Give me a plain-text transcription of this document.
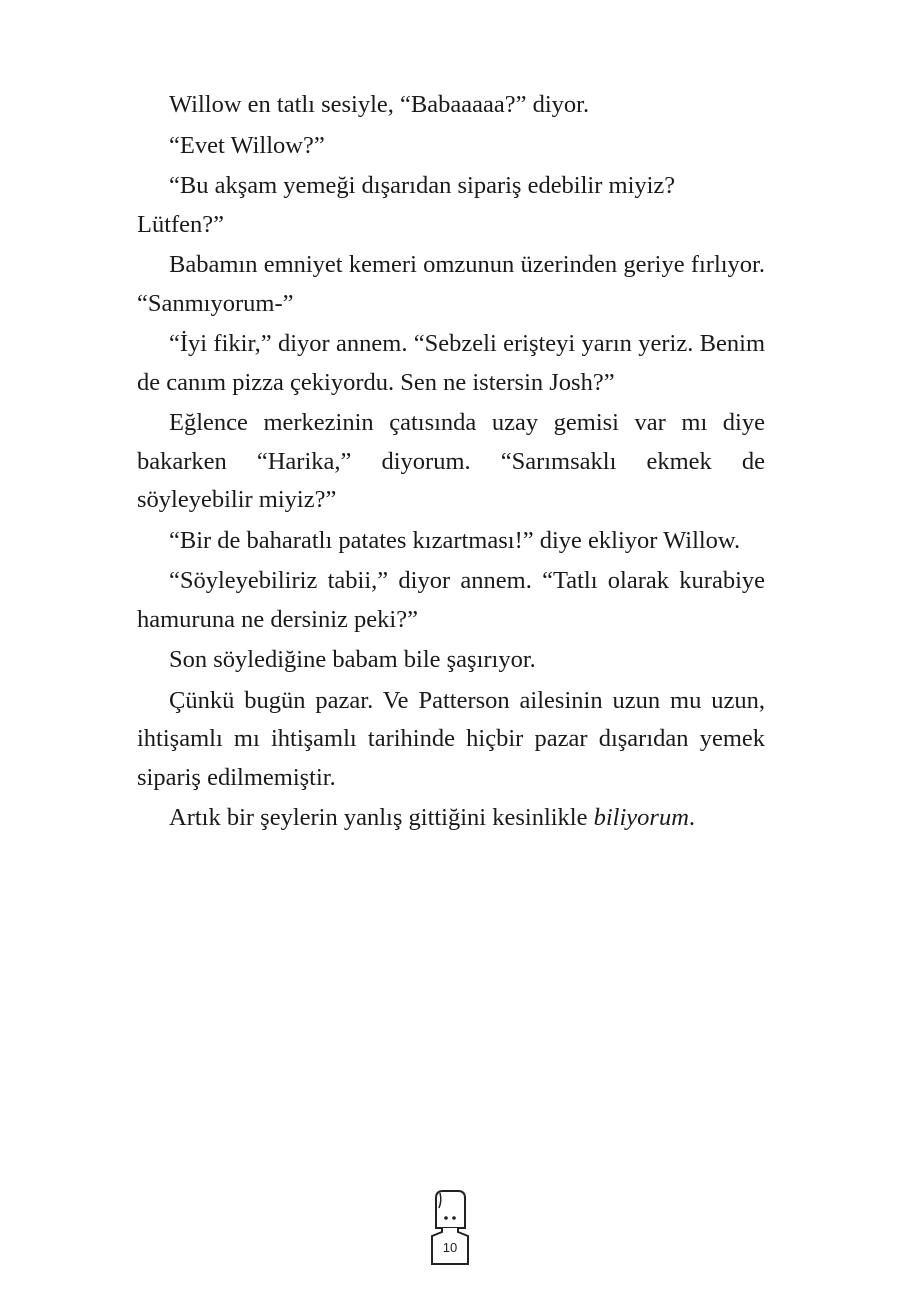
Willow en tatlı sesiyle, “Babaaaaa?” diyor.

“Evet Willow?”

“Bu akşam yemeği dışarıdan sipariş edebilir miyiz? Lütfen?”

Babamın emniyet kemeri omzunun üzerinden geriye fırlıyor. “Sanmıyorum-”

“İyi fikir,” diyor annem. “Sebzeli erişteyi yarın yeriz. Benim de canım pizza çekiyordu. Sen ne istersin Josh?”

Eğlence merkezinin çatısında uzay gemisi var mı diye bakarken “Harika,” diyorum. “Sarımsaklı ekmek de söyleyebilir miyiz?”

“Bir de baharatlı patates kızartması!” diye ekliyor Willow.

“Söyleyebiliriz tabii,” diyor annem. “Tatlı olarak kurabiye hamuruna ne dersiniz peki?”

Son söylediğine babam bile şaşırıyor.

Çünkü bugün pazar. Ve Patterson ailesinin uzun mu uzun, ihtişamlı mı ihtişamlı tarihinde hiçbir pazar dışarıdan yemek sipariş edilmemiştir.

Artık bir şeylerin yanlış gittiğini kesinlikle biliyorum.

10
